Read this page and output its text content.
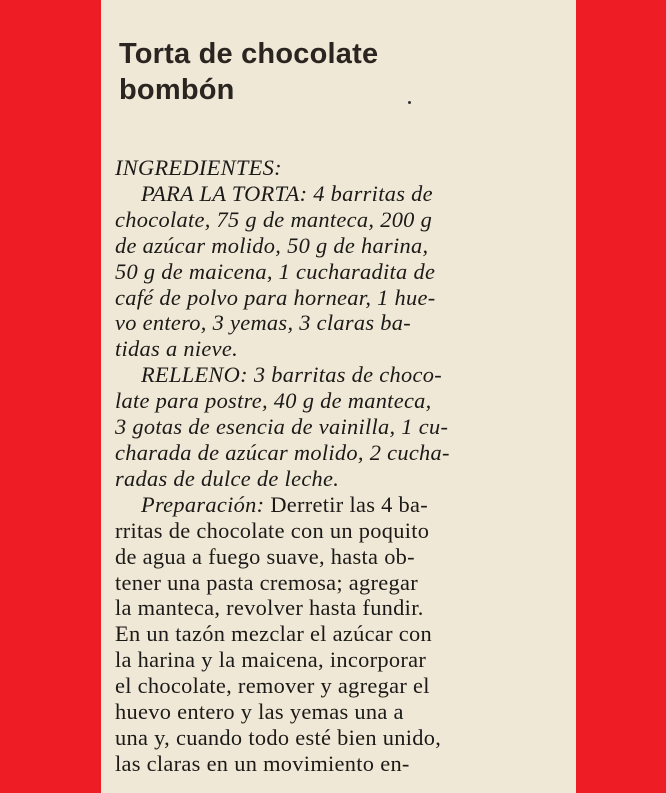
Torta de chocolate
bombón
INGREDIENTES:
PARA LA TORTA: 4 barritas de
chocolate, 75 g de manteca, 200 g
de azúcar molido, 50 g de harina,
50 g de maicena, 1 cucharadita de
café de polvo para hornear, 1 hue-
vo entero, 3 yemas, 3 claras ba-
tidas a nieve.
RELLENO: 3 barritas de choco-
late para postre, 40 g de manteca,
3 gotas de esencia de vainilla, 1 cu-
charada de azúcar molido, 2 cucha-
radas de dulce de leche.
Preparación: Derretir las 4 ba-
rritas de chocolate con un poquito
de agua a fuego suave, hasta ob-
tener una pasta cremosa; agregar
la manteca, revolver hasta fundir.
En un tazón mezclar el azúcar con
la harina y la maicena, incorporar
el chocolate, remover y agregar el
huevo entero y las yemas una a
una y, cuando todo esté bien unido,
las claras en un movimiento en-
